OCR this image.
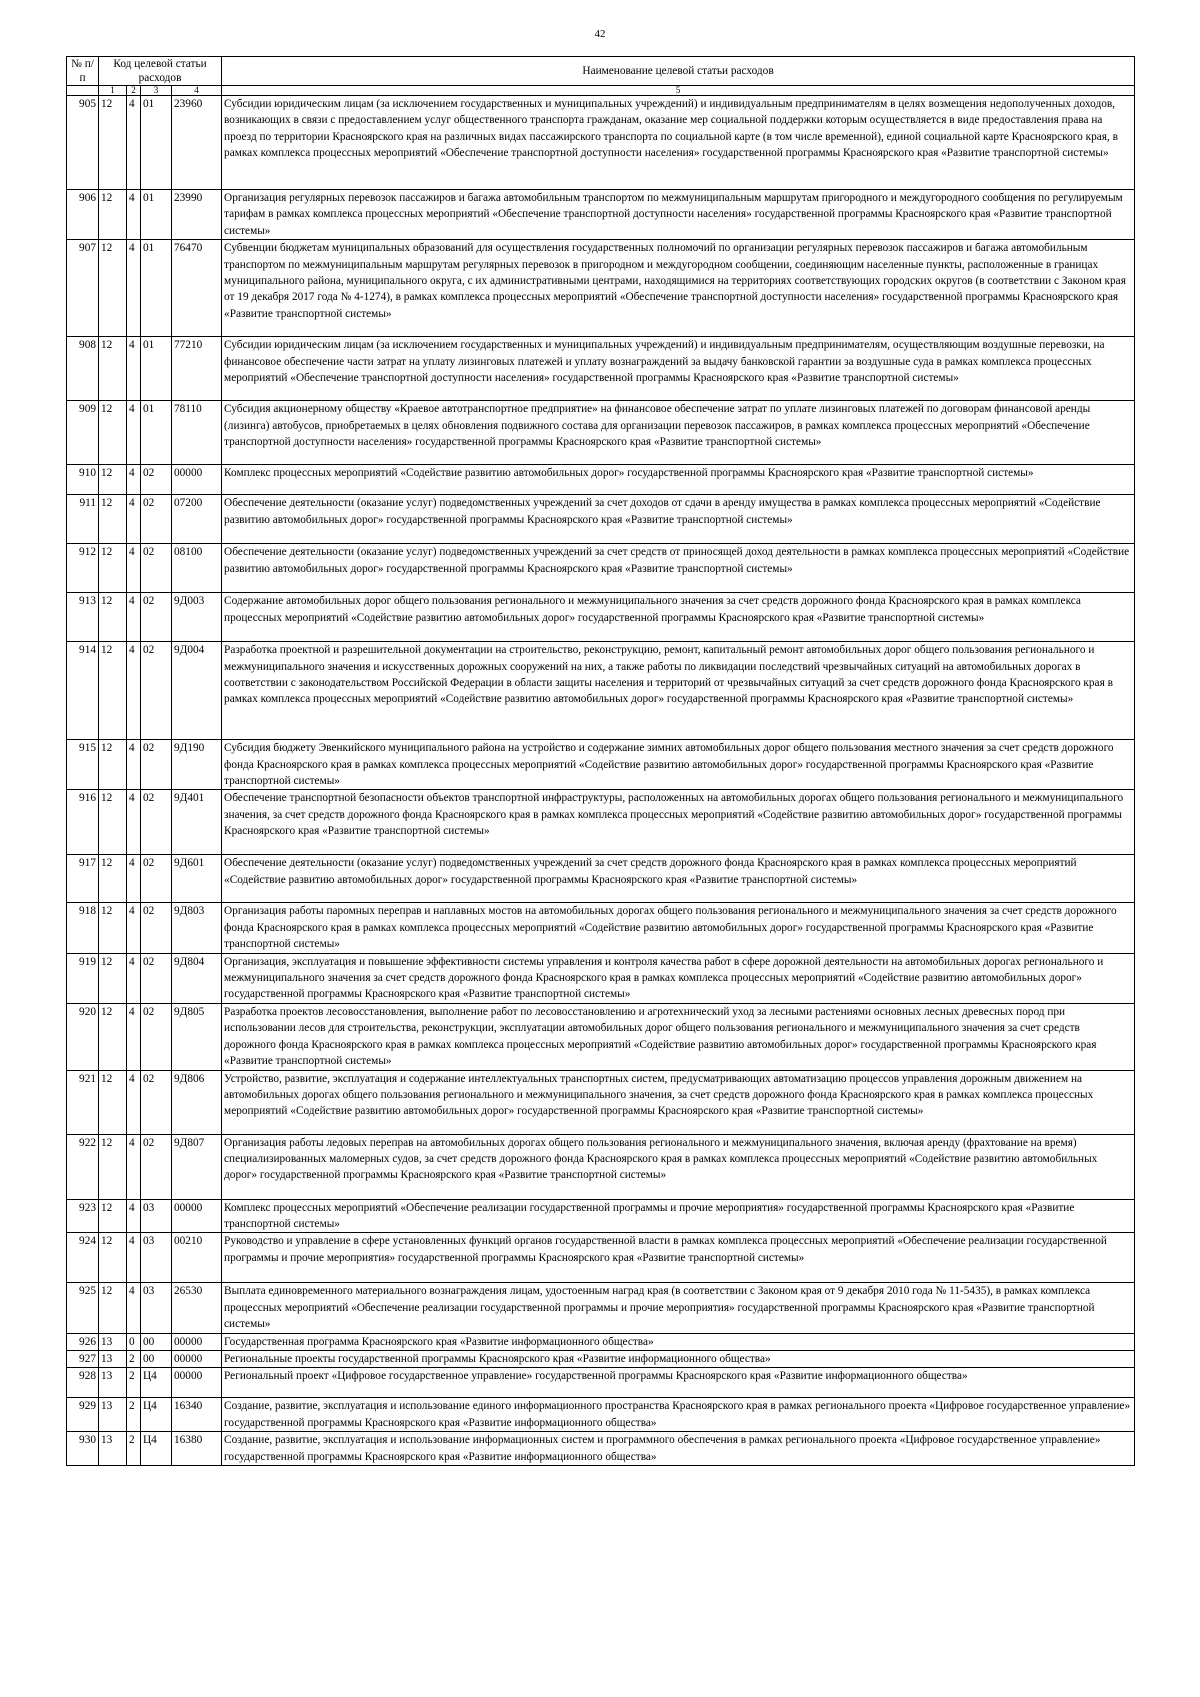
42
№ п/п	Код целевой статьи расходов				Наименование целевой статьи расходов

	1	2	3	4	5
905	12	4	01	23960	Субсидии юридическим лицам (за исключением государственных и муниципальных учреждений) и индивидуальным предпринимателям в целях возмещения недополученных доходов, возникающих в связи с предоставлением услуг общественного транспорта гражданам, оказание мер социальной поддержки которым осуществляется в виде предоставления права на проезд по территории Красноярского края на различных видах пассажирского транспорта по социальной карте (в том числе временной), единой социальной карте Красноярского края, в рамках комплекса процессных мероприятий «Обеспечение транспортной доступности населения» государственной программы Красноярского края «Развитие транспортной системы»
906	12	4	01	23990	Организация регулярных перевозок пассажиров и багажа автомобильным транспортом по межмуниципальным маршрутам пригородного и междугородного сообщения по регулируемым тарифам в рамках комплекса процессных мероприятий «Обеспечение транспортной доступности населения» государственной программы Красноярского края «Развитие транспортной системы»
907	12	4	01	76470	Субвенции бюджетам муниципальных образований для осуществления государственных полномочий по организации регулярных перевозок пассажиров и багажа автомобильным транспортом по межмуниципальным маршрутам регулярных перевозок в пригородном и междугородном сообщении, соединяющим населенные пункты, расположенные в границах муниципального района, муниципального округа, с их административными центрами, находящимися на территориях соответствующих городских округов (в соответствии с Законом края от 19 декабря 2017 года № 4-1274), в рамках комплекса процессных мероприятий «Обеспечение транспортной доступности населения» государственной программы Красноярского края «Развитие транспортной системы»
908	12	4	01	77210	Субсидии юридическим лицам (за исключением государственных и муниципальных учреждений) и индивидуальным предпринимателям, осуществляющим воздушные перевозки, на финансовое обеспечение части затрат на уплату лизинговых платежей и уплату вознаграждений за выдачу банковской гарантии за воздушные суда в рамках комплекса процессных мероприятий «Обеспечение транспортной доступности населения» государственной программы Красноярского края «Развитие транспортной системы»
909	12	4	01	78110	Субсидия акционерному обществу «Краевое автотранспортное предприятие» на финансовое обеспечение затрат по уплате лизинговых платежей по договорам финансовой аренды (лизинга) автобусов, приобретаемых в целях обновления подвижного состава для организации перевозок пассажиров, в рамках комплекса процессных мероприятий «Обеспечение транспортной доступности населения» государственной программы Красноярского края «Развитие транспортной системы»
910	12	4	02	00000	Комплекс процессных мероприятий «Содействие развитию автомобильных дорог» государственной программы Красноярского края «Развитие транспортной системы»
911	12	4	02	07200	Обеспечение деятельности (оказание услуг) подведомственных учреждений за счет доходов от сдачи в аренду имущества в рамках комплекса процессных мероприятий «Содействие развитию автомобильных дорог» государственной программы Красноярского края «Развитие транспортной системы»
912	12	4	02	08100	Обеспечение деятельности (оказание услуг) подведомственных учреждений за счет средств от приносящей доход деятельности в рамках комплекса процессных мероприятий «Содействие развитию автомобильных дорог» государственной программы Красноярского края «Развитие транспортной системы»
913	12	4	02	9Д003	Содержание автомобильных дорог общего пользования регионального и межмуниципального значения за счет средств дорожного фонда Красноярского края в рамках комплекса процессных мероприятий «Содействие развитию автомобильных дорог» государственной программы Красноярского края «Развитие транспортной системы»
914	12	4	02	9Д004	Разработка проектной и разрешительной документации на строительство, реконструкцию, ремонт, капитальный ремонт автомобильных дорог общего пользования регионального и межмуниципального значения и искусственных дорожных сооружений на них, а также работы по ликвидации последствий чрезвычайных ситуаций на автомобильных дорогах в соответствии с законодательством Российской Федерации в области защиты населения и территорий от чрезвычайных ситуаций за счет средств дорожного фонда Красноярского края в рамках комплекса процессных мероприятий «Содействие развитию автомобильных дорог» государственной программы Красноярского края «Развитие транспортной системы»
915	12	4	02	9Д190	Субсидия бюджету Эвенкийского муниципального района на устройство и содержание зимних автомобильных дорог общего пользования местного значения за счет средств дорожного фонда Красноярского края в рамках комплекса процессных мероприятий «Содействие развитию автомобильных дорог» государственной программы Красноярского края «Развитие транспортной системы»
916	12	4	02	9Д401	Обеспечение транспортной безопасности объектов транспортной инфраструктуры, расположенных на автомобильных дорогах общего пользования регионального и межмуниципального значения, за счет средств дорожного фонда Красноярского края в рамках комплекса процессных мероприятий «Содействие развитию автомобильных дорог» государственной программы Красноярского края «Развитие транспортной системы»
917	12	4	02	9Д601	Обеспечение деятельности (оказание услуг) подведомственных учреждений за счет средств дорожного фонда Красноярского края в рамках комплекса процессных мероприятий «Содействие развитию автомобильных дорог» государственной программы Красноярского края «Развитие транспортной системы»
918	12	4	02	9Д803	Организация работы паромных переправ и наплавных мостов на автомобильных дорогах общего пользования регионального и межмуниципального значения за счет средств дорожного фонда Красноярского края в рамках комплекса процессных мероприятий «Содействие развитию автомобильных дорог» государственной программы Красноярского края «Развитие транспортной системы»
919	12	4	02	9Д804	Организация, эксплуатация и повышение эффективности системы управления и контроля качества работ в сфере дорожной деятельности на автомобильных дорогах регионального и межмуниципального значения за счет средств дорожного фонда Красноярского края в рамках комплекса процессных мероприятий «Содействие развитию автомобильных дорог» государственной программы Красноярского края «Развитие транспортной системы»
920	12	4	02	9Д805	Разработка проектов лесовосстановления, выполнение работ по лесовосстановлению и агротехнический уход за лесными растениями основных лесных древесных пород при использовании лесов для строительства, реконструкции, эксплуатации автомобильных дорог общего пользования регионального и межмуниципального значения за счет средств дорожного фонда Красноярского края в рамках комплекса процессных мероприятий «Содействие развитию автомобильных дорог» государственной программы Красноярского края «Развитие транспортной системы»
921	12	4	02	9Д806	Устройство, развитие, эксплуатация и содержание интеллектуальных транспортных систем, предусматривающих автоматизацию процессов управления дорожным движением на автомобильных дорогах общего пользования регионального и межмуниципального значения, за счет средств дорожного фонда Красноярского края в рамках комплекса процессных мероприятий «Содействие развитию автомобильных дорог» государственной программы Красноярского края «Развитие транспортной системы»
922	12	4	02	9Д807	Организация работы ледовых переправ на автомобильных дорогах общего пользования регионального и межмуниципального значения, включая аренду (фрахтование на время) специализированных маломерных судов, за счет средств дорожного фонда Красноярского края в рамках комплекса процессных мероприятий «Содействие развитию автомобильных дорог» государственной программы Красноярского края «Развитие транспортной системы»
923	12	4	03	00000	Комплекс процессных мероприятий «Обеспечение реализации государственной программы и прочие мероприятия» государственной программы Красноярского края «Развитие транспортной системы»
924	12	4	03	00210	Руководство и управление в сфере установленных функций органов государственной власти в рамках комплекса процессных мероприятий «Обеспечение реализации государственной программы и прочие мероприятия» государственной программы Красноярского края «Развитие транспортной системы»
925	12	4	03	26530	Выплата единовременного материального вознаграждения лицам, удостоенным наград края (в соответствии с Законом края от 9 декабря 2010 года № 11-5435), в рамках комплекса процессных мероприятий «Обеспечение реализации государственной программы и прочие мероприятия» государственной программы Красноярского края «Развитие транспортной системы»
926	13	0	00	00000	Государственная программа Красноярского края «Развитие информационного общества»
927	13	2	00	00000	Региональные проекты государственной программы Красноярского края «Развитие информационного общества»
928	13	2	Ц4	00000	Региональный проект «Цифровое государственное управление» государственной программы Красноярского края «Развитие информационного общества»
929	13	2	Ц4	16340	Создание, развитие, эксплуатация и использование единого информационного пространства Красноярского края в рамках регионального проекта «Цифровое государственное управление» государственной программы Красноярского края «Развитие информационного общества»
930	13	2	Ц4	16380	Создание, развитие, эксплуатация и использование информационных систем и программного обеспечения в рамках регионального проекта «Цифровое государственное управление» государственной программы Красноярского края «Развитие информационного общества»
